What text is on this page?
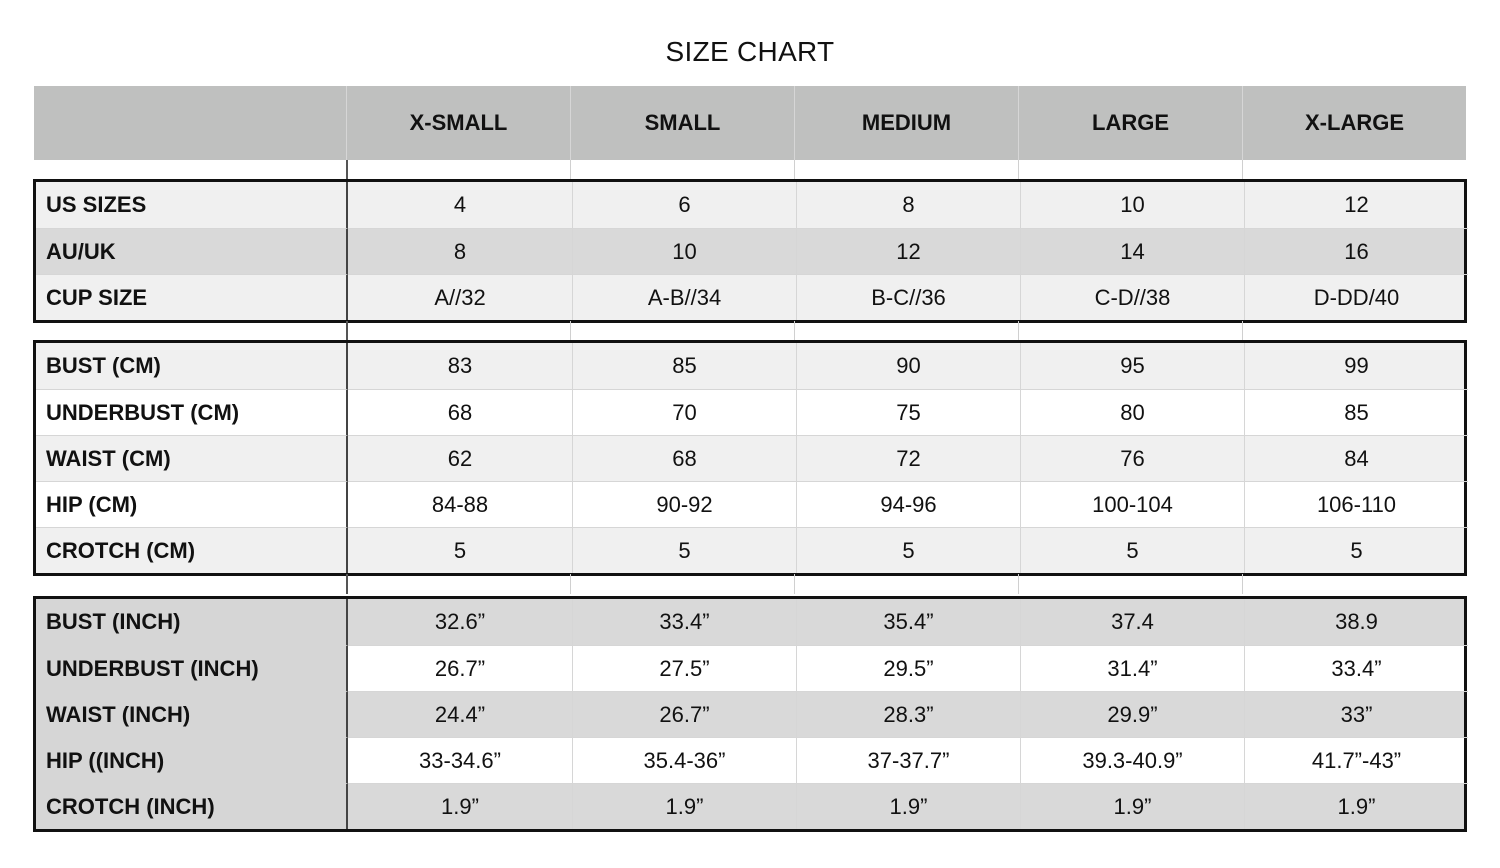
SIZE CHART
X-SMALL	SMALL	MEDIUM	LARGE	X-LARGE
US SIZES	4	6	8	10	12
AU/UK	8	10	12	14	16
CUP SIZE	A//32	A-B//34	B-C//36	C-D//38	D-DD/40
BUST (CM)	83	85	90	95	99
UNDERBUST (CM)	68	70	75	80	85
WAIST (CM)	62	68	72	76	84
HIP (CM)	84-88	90-92	94-96	100-104	106-110
CROTCH (CM)	5	5	5	5	5
BUST (INCH)	32.6”	33.4”	35.4”	37.4	38.9
UNDERBUST (INCH)	26.7”	27.5”	29.5”	31.4”	33.4”
WAIST (INCH)	24.4”	26.7”	28.3”	29.9”	33”
HIP ((INCH)	33-34.6”	35.4-36”	37-37.7”	39.3-40.9”	41.7”-43”
CROTCH (INCH)	1.9”	1.9”	1.9”	1.9”	1.9”
